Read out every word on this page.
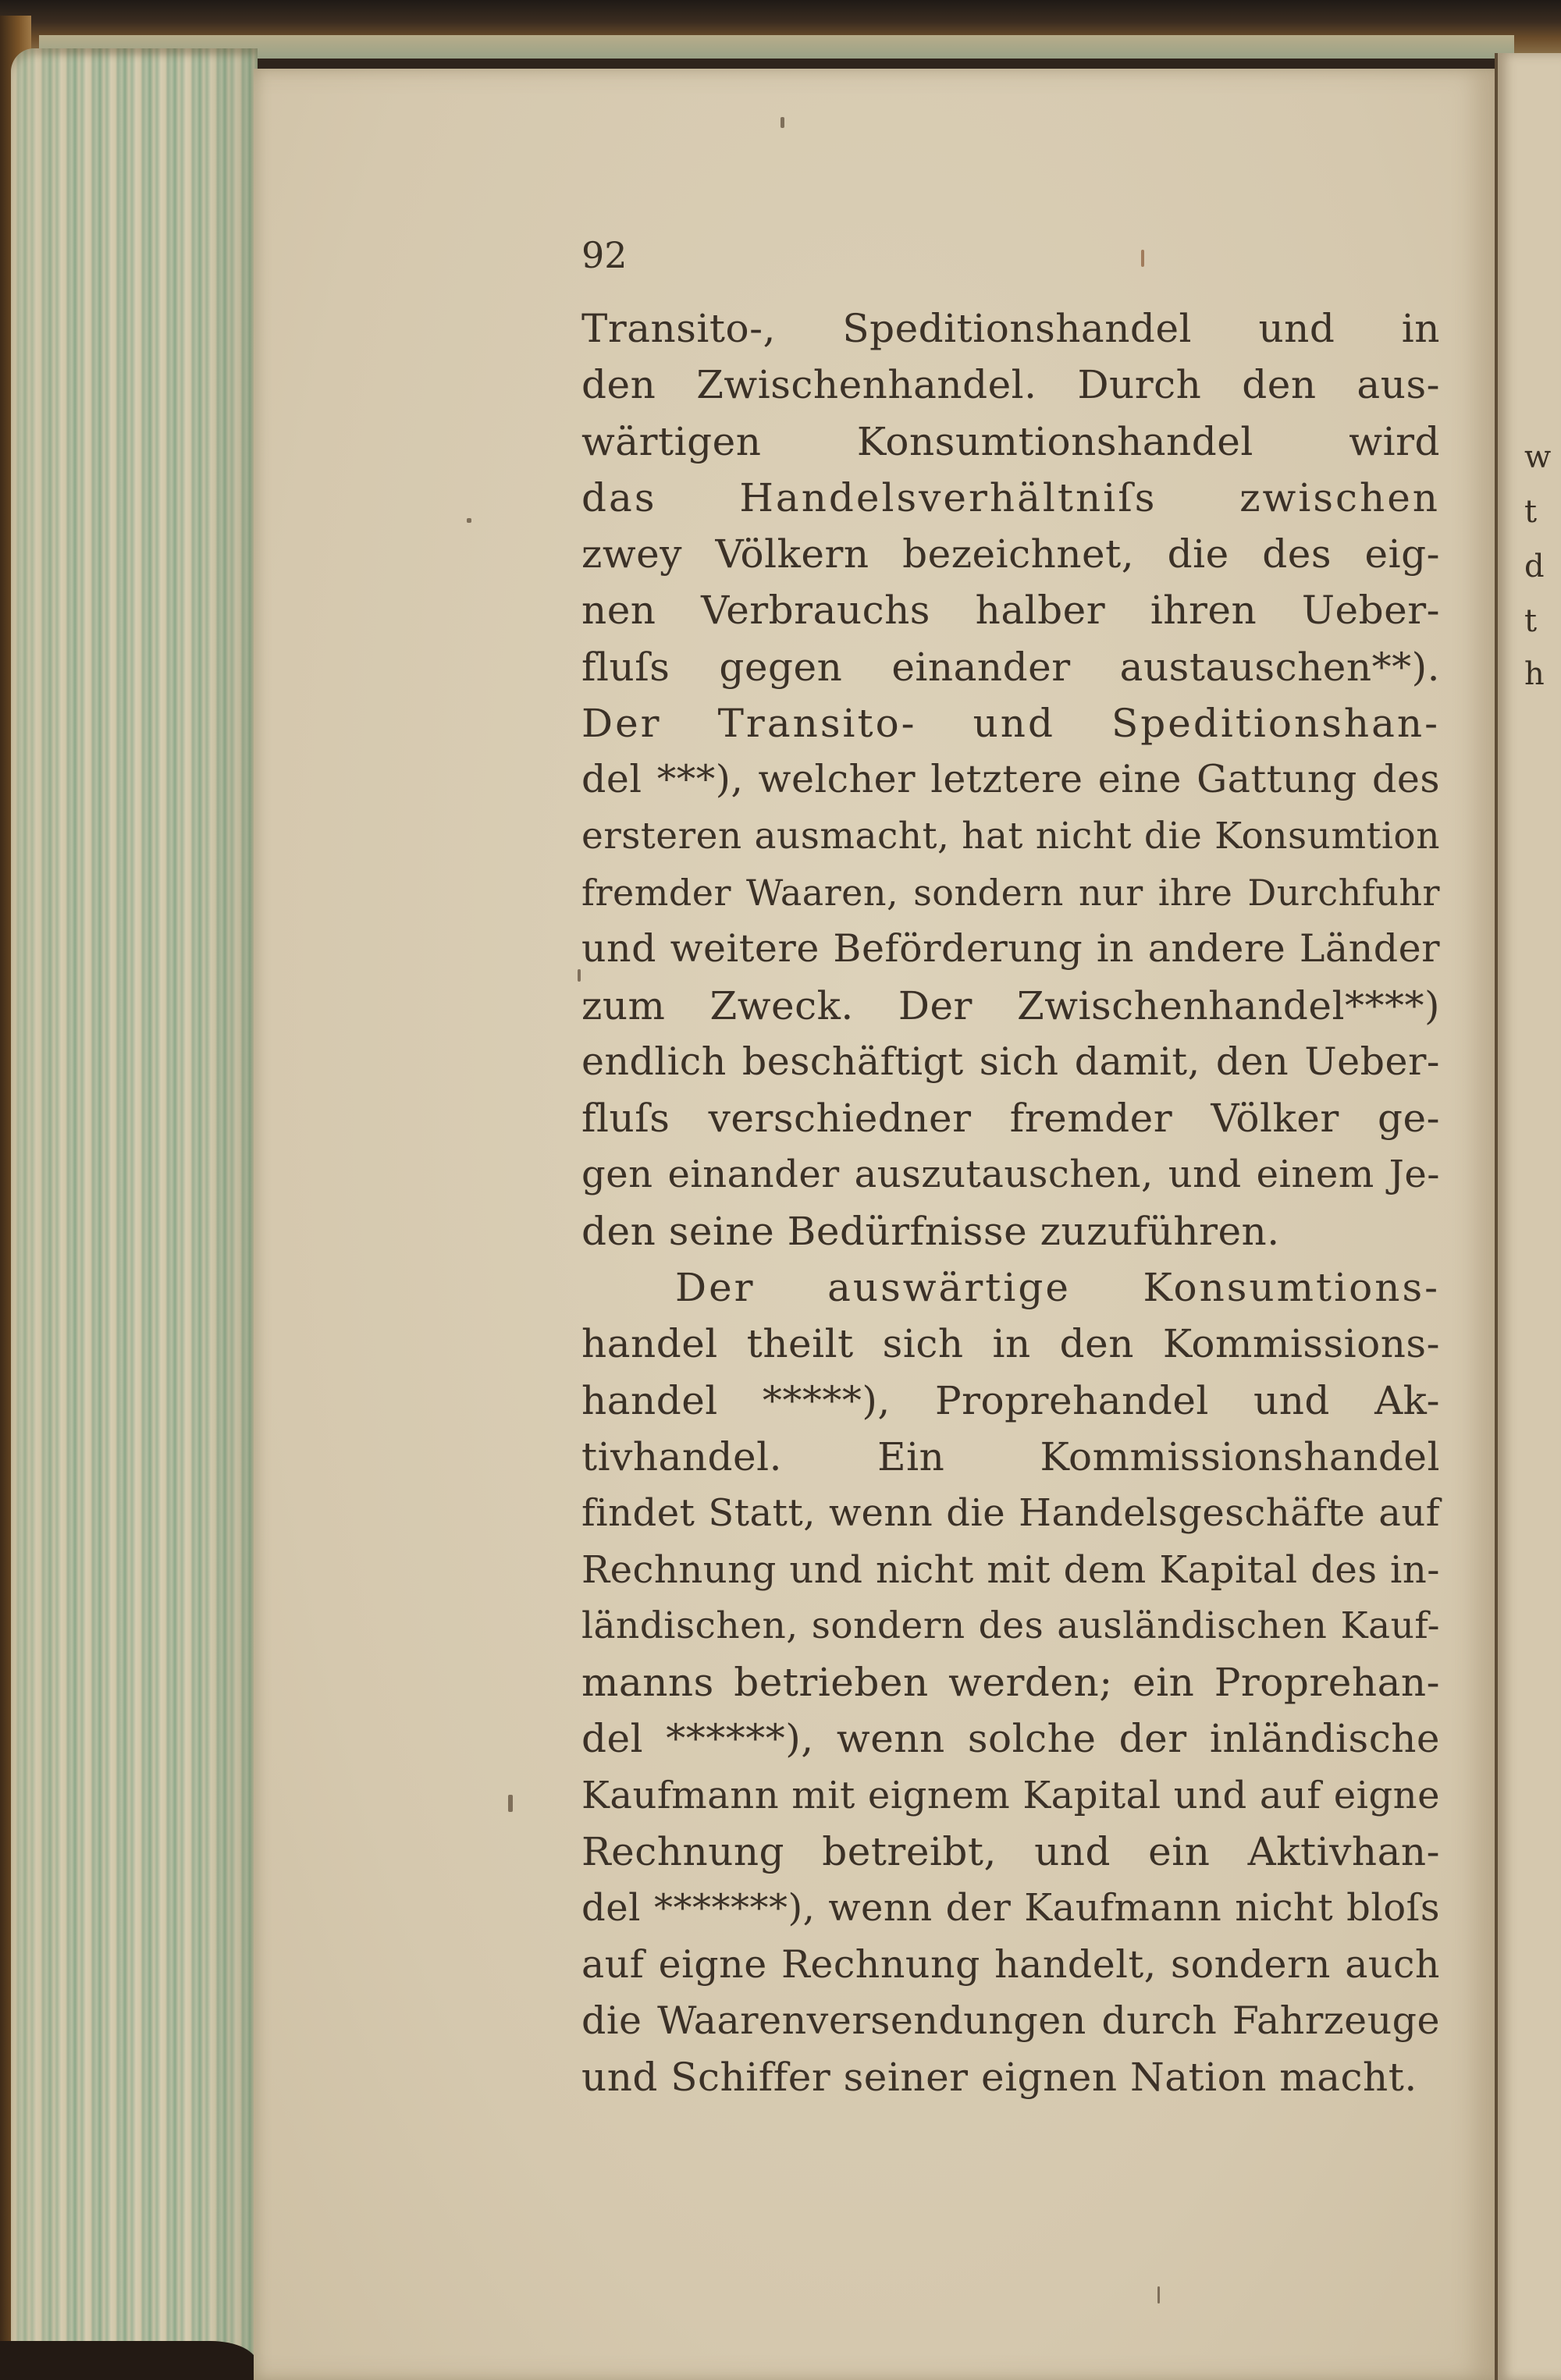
w
t
d
t
h
92
Transito-, Speditionshandel und in
den Zwischenhandel. Durch den aus-
wärtigen Konsumtionshandel wird
das Handelsverhältniſs zwischen
zwey Völkern bezeichnet, die des eig-
nen Verbrauchs halber ihren Ueber-
fluſs gegen einander austauschen**).
Der Transito- und Speditionshan-
del ***), welcher letztere eine Gattung des
ersteren ausmacht, hat nicht die Konsumtion
fremder Waaren, sondern nur ihre Durchfuhr
und weitere Beförderung in andere Länder
zum Zweck. Der Zwischenhandel****)
endlich beschäftigt sich damit, den Ueber-
fluſs verschiedner fremder Völker ge-
gen einander auszutauschen, und einem Je-
den seine Bedürfnisse zuzuführen.
Der auswärtige Konsumtions-
handel theilt sich in den Kommissions-
handel *****), Proprehandel und Ak-
tivhandel. Ein Kommissionshandel
findet Statt, wenn die Handelsgeschäfte auf
Rechnung und nicht mit dem Kapital des in-
ländischen, sondern des ausländischen Kauf-
manns betrieben werden; ein Proprehan-
del ******), wenn solche der inländische
Kaufmann mit eignem Kapital und auf eigne
Rechnung betreibt, und ein Aktivhan-
del *******), wenn der Kaufmann nicht bloſs
auf eigne Rechnung handelt, sondern auch
die Waarenversendungen durch Fahrzeuge
und Schiffer seiner eignen Nation macht.
